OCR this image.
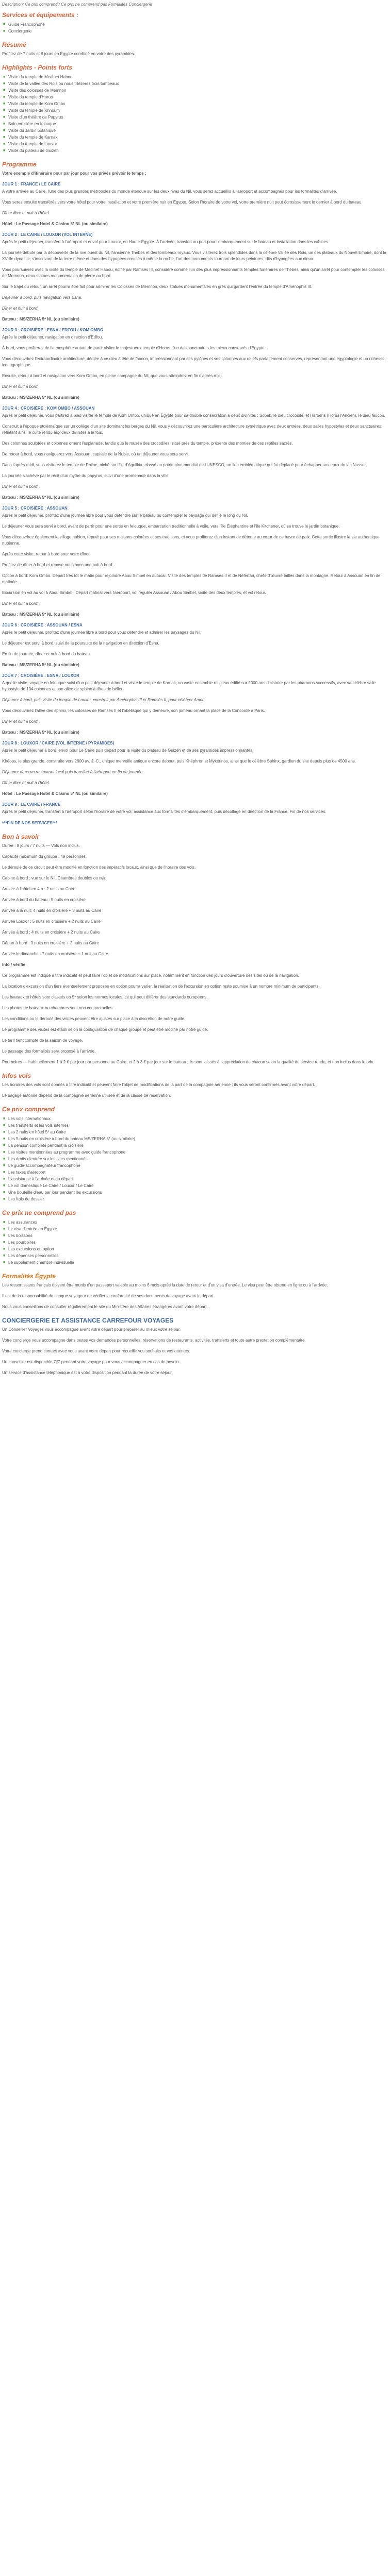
Description: Ce prix comprend / Ce prix ne comprend pas Formalités Conciergerie

Services et équipements :
■ Guide Francophone
■ Conciergerie
Résumé

Profitez de 7 nuits et 8 jours en Égypte combiné en votre des pyramides.

Highlights - Points forts
■ Visite du temple de Medinet Habou
■ Visite de la vallée des Rois ou nous trtézerez trois tombeaux
■ Visite des colosses de Memnon
■ Visite du temple d'Horus
■ Visite du temple de Kom Ombo
■ Visite du temple de Khnoum
■ Visite d'un théâtre de Papyrus
■ Bain croisière en felouque
■ Visite du Jardin botanique
■ Visite du temple de Karnak
■ Visite du temple de Louxor
■ Visite du plateau de Guizèh
Programme

Votre exemple d'itinéraire pour par jour pour vos privés prévoir le temps :

JOUR 1 : FRANCE / LE CAIRE

A votre arrivée au Caire, l'une des plus grandes métropoles du monde étendue sur les deux rives du Nil, vous serez accueillis à l'aéroport et accompagnés pour les formalités d'arrivée.

Vous serez ensuite transférés vers votre hôtel pour votre installation et votre première nuit en Égypte. Selon l'horaire de votre vol, votre première nuit peut écrosissement le dernier à bord du bateau.

Dîner libre et nuit à l'hôtel.

Hôtel : Le Passage Hotel & Casino 5* NL (ou similaire)

JOUR 2 : LE CAIRE / LOUXOR (VOL INTERNE)

Après le petit déjeuner, transfert à l'aéroport et envol pour Louxor, en Haute-Égypte. À l'arrivée, transfert au port pour l'embarquement sur le bateau et installation dans les cabines.

La journée débute par la découverte de la rive ouest du Nil, l'ancienne Thèbes et des tombeaux royaux. Vous visiterez trois splendides dans la célèbre Vallée des Rois, un des plateaux du Nouvel Empire, dont la XVIIIe dynastie, s'inscrivant de la terre même et dans des hypogées creusés à même la roche, l'art des monuments tournant de leurs peintures, dits d'hypogées aux dieux.

Vous poursuivrez avec la visite du temple de Medinet Habou, édifié par Ramsès III, considéré comme l'un des plus impressionnants temples funéraires de Thèbes, ainsi qu'un arrêt pour contempler les colosses de Memnon, deux statues monumentales de pierre au bord.

Sur le trajet du retour, un arrêt pourra être fait pour admirer les Colosses de Memnon, deux statues monumentales en grès qui gardent l'entrée du temple d'Aménophis III.

Déjeuner à bord, puis navigation vers Esna.

Dîner et nuit à bord.

Bateau : MS/ZERHA 5* NL (ou similaire)

JOUR 3 : CROISIÈRE : ESNA / EDFOU / KOM OMBO

Après le petit déjeuner, navigation en direction d'Edfou.

À bord, vous profiterez de l'atmosphère autant de partir visiter le majestueux temple d'Horus, l'un des sanctuaires les mieux conservés d'Égypte.

Vous découvrirez l'extraordinaire architecture, dédiée à ce dieu à tête de faucon, impressionnant par ses pylônes et ses colonnes aux reliefs parfaitement conservés, représentant une égyptologie et un richesse iconographique.

Ensuite, retour à bord et navigation vers Kom Ombo, en pleine campagne du Nil, que vous atteindrez en fin d'après-midi.

Dîner et nuit à bord.

Bateau : MS/ZERHA 5* NL (ou similaire)

JOUR 4 : CROISIÈRE : KOM OMBO / ASSOUAN

Après le petit déjeuner, vous partirez à pied visiter le temple de Kom Ombo, unique en Égypte pour sa double consécration à deux divinités : Sobek, le dieu crocodile, et Haroeris (Horus l'Ancien), le dieu faucon.

Construit à l'époque ptolémaïque sur un collège d'un site dominant les berges du Nil, vous y découvrirez une particulière architecture symétrique avec deux entrées, deux salles hypostyles et deux sanctuaires, reflétant ainsi le culte rendu aux deux divinités à la fois.

Des colonnes sculptées et colonnes ornent l'esplanade, tandis que le musée des crocodiles, situé près du temple, présente des momies de ces reptiles sacrés.

De retour à bord, vous naviguerez vers Assouan, capitale de la Nubie, où un déjeuner vous sera servi.

Dans l'après-midi, vous visiterez le temple de Philae, niché sur l'île d'Aguilkia, classé au patrimoine mondial de l'UNESCO, un lieu emblématique qui fut déplacé pour échapper aux eaux du lac Nasser.

La journée s'achève par le récit d'un mythe du papyrus, suivi d'une promenade dans la ville.

Dîner et nuit à bord.

Bateau : MS/ZERHA 5* NL (ou similaire)

JOUR 5 : CROISIÈRE : ASSOUAN

Après le petit déjeuner, profitez d'une journée libre pour vous détendre sur le bateau ou contempler le paysage qui défile le long du Nil.

Le déjeuner vous sera servi à bord, avant de partir pour une sortie en felouque, embarcation traditionnelle à voile, vers l'île Éléphantine et l'île Kitchener, où se trouve le jardin botanique.

Vous découvrirez également le village nubien, réputé pour ses maisons colorées et ses traditions, et vous profiterez d'un instant de détente au cœur de ce havre de paix. Cette sortie illustre la vie authentique nubienne.

Après cette visite, retour à bord pour votre dîner.

Profitez de dîner à bord et repose nous avec une nuit à bord.

Option à bord: Kom Ombo. Départ très tôt le matin pour rejoindre Abou Simbel en autocar. Visite des temples de Ramsès II et de Néfertari, chefs-d'œuvre taillés dans la montagne. Retour à Assouan en fin de matinée.

Excursion en vol au vol à Abou Simbel : Départ matinal vers l'aéroport, vol régulier Assouan / Abou Simbel, visite des deux temples, et vol retour.

Dîner et nuit à bord.

Bateau : MS/ZERHA 5* NL (ou similaire)

JOUR 6 : CROISIÈRE : ASSOUAN / ESNA

Après le petit déjeuner, profitez d'une journée libre à bord pour vous détendre et admirer les paysages du Nil.

Le déjeuner est servi à bord, suivi de la poursuite de la navigation en direction d'Esna.

En fin de journée, dîner et nuit à bord du bateau.

Bateau : MS/ZERHA 5* NL (ou similaire)

JOUR 7 : CROISIÈRE : ESNA / LOUXOR

A quelle visite, voyage en felouque suivi d'un petit déjeuner à bord et visite le temple de Karnak, un vaste ensemble religieux édifié sur 2000 ans d'histoire par les pharaons successifs, avec sa célèbre salle hypostyle de 134 colonnes et son allée de sphinx à têtes de bélier.

Déjeuner à bord, puis visite du temple de Louxor, construit par Aménophis III et Ramsès II, pour célébrer Amon.

Vous découvrirez l'allée des sphinx, les colosses de Ramsès II et l'obélisque qui y demeure, son jumeau ornant la place de la Concorde à Paris.

Dîner et nuit à bord.

Bateau : MS/ZERHA 5* NL (ou similaire)

JOUR 8 : LOUXOR / CAIRE (VOL INTERNE / PYRAMIDES)

Après le petit déjeuner à bord, envol pour Le Caire puis départ pour la visite du plateau de Guizèh et de ses pyramides impressionnantes.

Khéops, le plus grande, construite vers 2600 av. J.-C., unique merveille antique encore debout, puis Khéphren et Mykérinos, ainsi que le célèbre Sphinx, gardien du site depuis plus de 4500 ans.

Déjeuner dans un restaurant local puis transfert à l'aéroport en fin de journée.

Dîner libre et nuit à l'hôtel.

Hôtel : Le Passage Hotel & Casino 5* NL (ou similaire)

JOUR 9 : LE CAIRE / FRANCE

Après le petit déjeuner, transfert à l'aéroport selon l'horaire de votre vol, assistance aux formalités d'embarquement, puis décollage en direction de la France. Fin de nos services.

***FIN DE NOS SERVICES***

Bon à savoir

Durée : 8 jours / 7 nuits — Vols non inclus.

Capacité maximum du groupe : 49 personnes.

Le déroulé de ce circuit peut être modifié en fonction des impératifs locaux, ainsi que de l'horaire des vols.

Cabine à bord : vue sur le Nil. Chambres doubles ou twin.

Arrivée à l'hôtel en 4 h : 2 nuits au Caire

Arrivée à bord du bateau : 5 nuits en croisière

Arrivée à la nuit: 4 nuits en croisière + 3 nuits au Caire

Arrivée Louxor : 5 nuits en croisière + 2 nuits au Caire

Arrivée à bord : 4 nuits en croisière + 2 nuits au Caire

Départ à bord : 3 nuits en croisière + 2 nuits au Caire

Arrivée le dimanche : 7 nuits en croisière + 1 nuit au Caire

Info / vérifie

Ce programme est indiqué à titre indicatif et peut faire l'objet de modifications sur place, notamment en fonction des jours d'ouverture des sites ou de la navigation.

La location d'excursion d'un tiers éventuellement proposée en option pourra varier, la réalisation de l'excursion en option reste soumise à un nombre minimum de participants.

Les bateaux et hôtels sont classés en 5* selon les normes locales, ce qui peut différer des standards européens.

Les photos de bateaux ou chambres sont non contractuelles.

Les conditions ou le déroulé des visites peuvent être ajustés sur place à la discrétion de notre guide.

Le programme des visites est établi selon la configuration de chaque groupe et peut être modifié par notre guide.

Le tarif tient compte de la saison de voyage.

Le passage des formalités sera proposé à l'arrivée.

Pourboires — habituellement 1 à 2 € par jour par personne au Caire, et 2 à 3 € par jour sur le bateau ; ils sont laissés à l'appréciation de chacun selon la qualité du service rendu, et non inclus dans le prix.

Infos vols

Les horaires des vols sont donnés à titre indicatif et peuvent faire l'objet de modifications de la part de la compagnie aérienne ; ils vous seront confirmés avant votre départ.

Le bagage autorisé dépend de la compagnie aérienne utilisée et de la classe de réservation.

Ce prix comprend
■ Les vols internationaux
■ Les transferts et les vols internes
■ Les 2 nuits en hôtel 5* au Caire
■ Les 5 nuits en croisière à bord du bateau MS/ZERHA 5* (ou similaire)
■ La pension complète pendant la croisière
■ Les visites mentionnées au programme avec guide francophone
■ Les droits d'entrée sur les sites mentionnés
■ Le guide-accompagnateur francophone
■ Les taxes d'aéroport
■ L'assistance à l'arrivée et au départ
■ Le vol domestique Le Caire / Louxor / Le Caire
■ Une bouteille d'eau par jour pendant les excursions
■ Les frais de dossier
Ce prix ne comprend pas
■ Les assurances
■ Le visa d'entrée en Égypte
■ Les boissons
■ Les pourboires
■ Les excursions en option
■ Les dépenses personnelles
■ Le supplément chambre individuelle
Formalités Égypte

Les ressortissants français doivent être munis d'un passeport valable au moins 6 mois après la date de retour et d'un visa d'entrée. Le visa peut être obtenu en ligne ou à l'arrivée.

Il est de la responsabilité de chaque voyageur de vérifier la conformité de ses documents de voyage avant le départ.

Nous vous conseillons de consulter régulièrement le site du Ministère des Affaires étrangères avant votre départ.

CONCIERGERIE ET ASSISTANCE CARREFOUR VOYAGES

Un Conseiller Voyages vous accompagne avant votre départ pour préparer au mieux votre séjour.

Votre concierge vous accompagne dans toutes vos demandes personnelles, réservations de restaurants, activités, transferts et toute autre prestation complémentaire.

Votre concierge prend contact avec vous avant votre départ pour recueillir vos souhaits et vos attentes.

Un conseiller est disponible 7j/7 pendant votre voyage pour vous accompagner en cas de besoin.

Un service d'assistance téléphonique est à votre disposition pendant la durée de votre séjour.
